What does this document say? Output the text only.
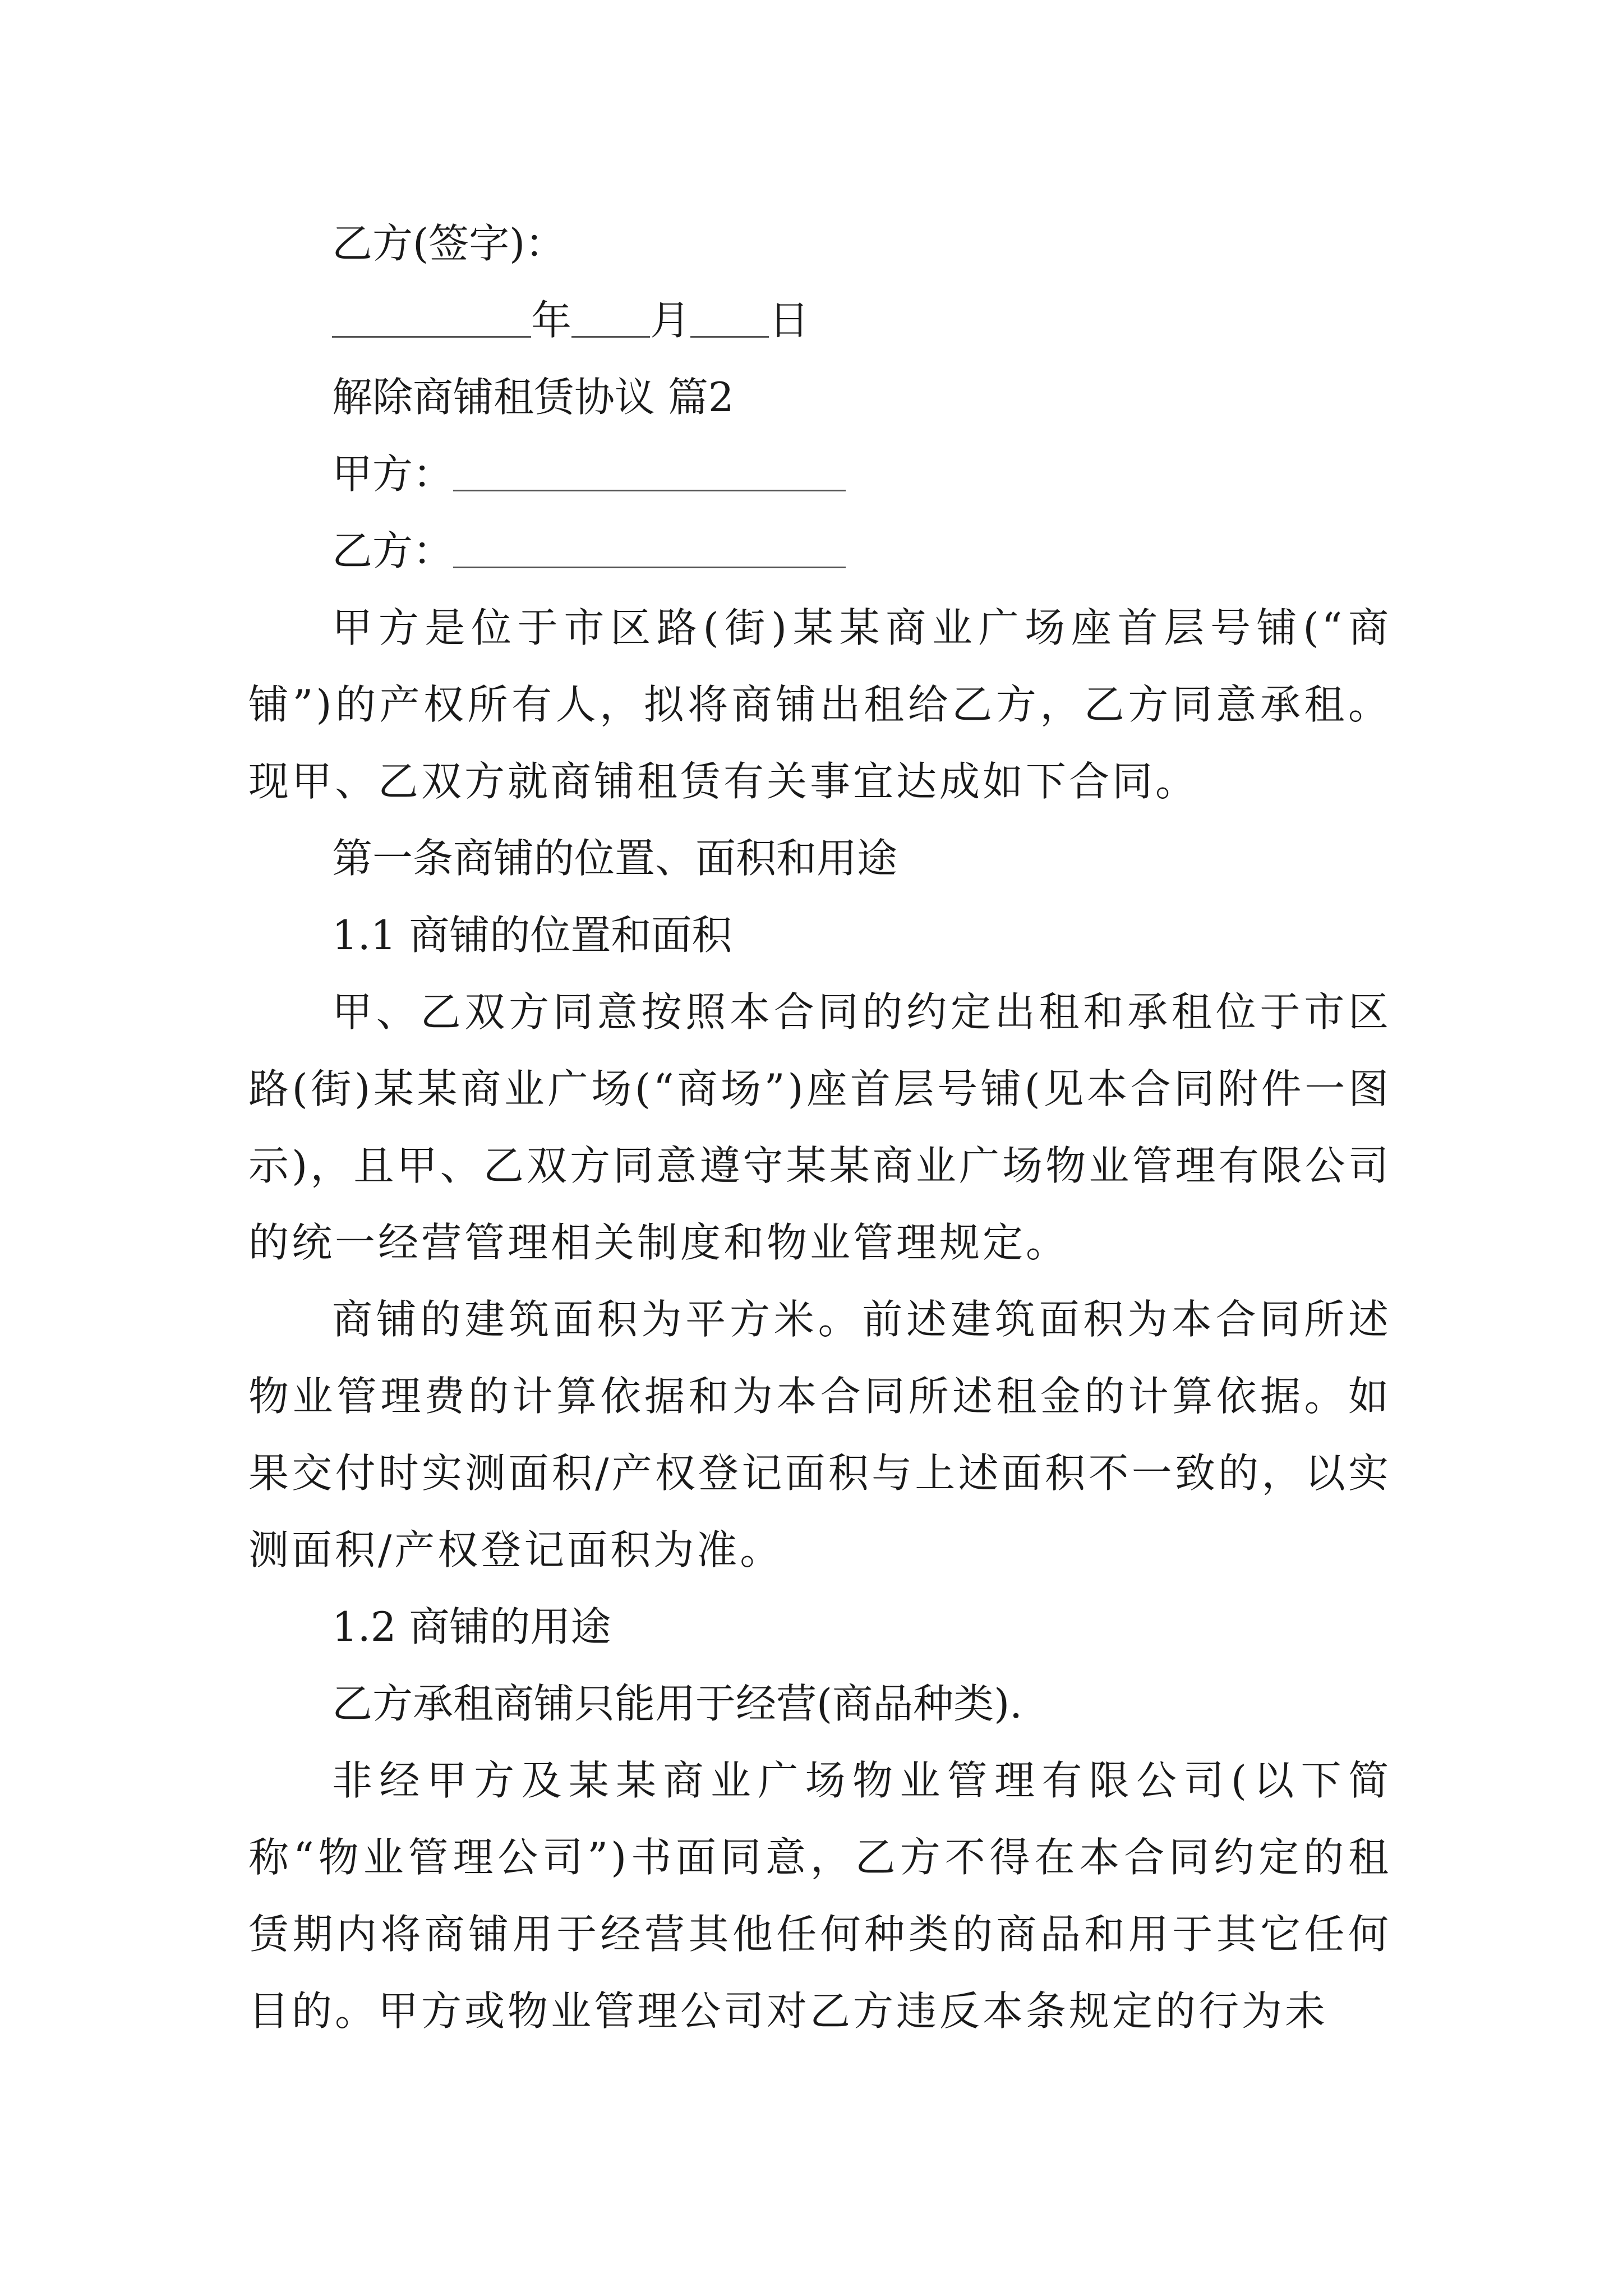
乙方(签字)：

年 月 日

解除商铺租赁协议 篇2

甲方：

乙方：

甲方是位于市区路(街)某某商业广场座首层号铺(“商铺”)的产权所有人，拟将商铺出租给乙方，乙方同意承租。现甲、乙双方就商铺租赁有关事宜达成如下合同。

第一条商铺的位置、面积和用途

1.1 商铺的位置和面积

甲、乙双方同意按照本合同的约定出租和承租位于市区路(街)某某商业广场(“商场”)座首层号铺(见本合同附件一图示)，且甲、乙双方同意遵守某某商业广场物业管理有限公司的统一经营管理相关制度和物业管理规定。

商铺的建筑面积为平方米。前述建筑面积为本合同所述物业管理费的计算依据和为本合同所述租金的计算依据。如果交付时实测面积/产权登记面积与上述面积不一致的，以实测面积/产权登记面积为准。

1.2 商铺的用途

乙方承租商铺只能用于经营(商品种类).

非经甲方及某某商业广场物业管理有限公司(以下简称“物业管理公司”)书面同意，乙方不得在本合同约定的租赁期内将商铺用于经营其他任何种类的商品和用于其它任何目的。甲方或物业管理公司对乙方违反本条规定的行为未
